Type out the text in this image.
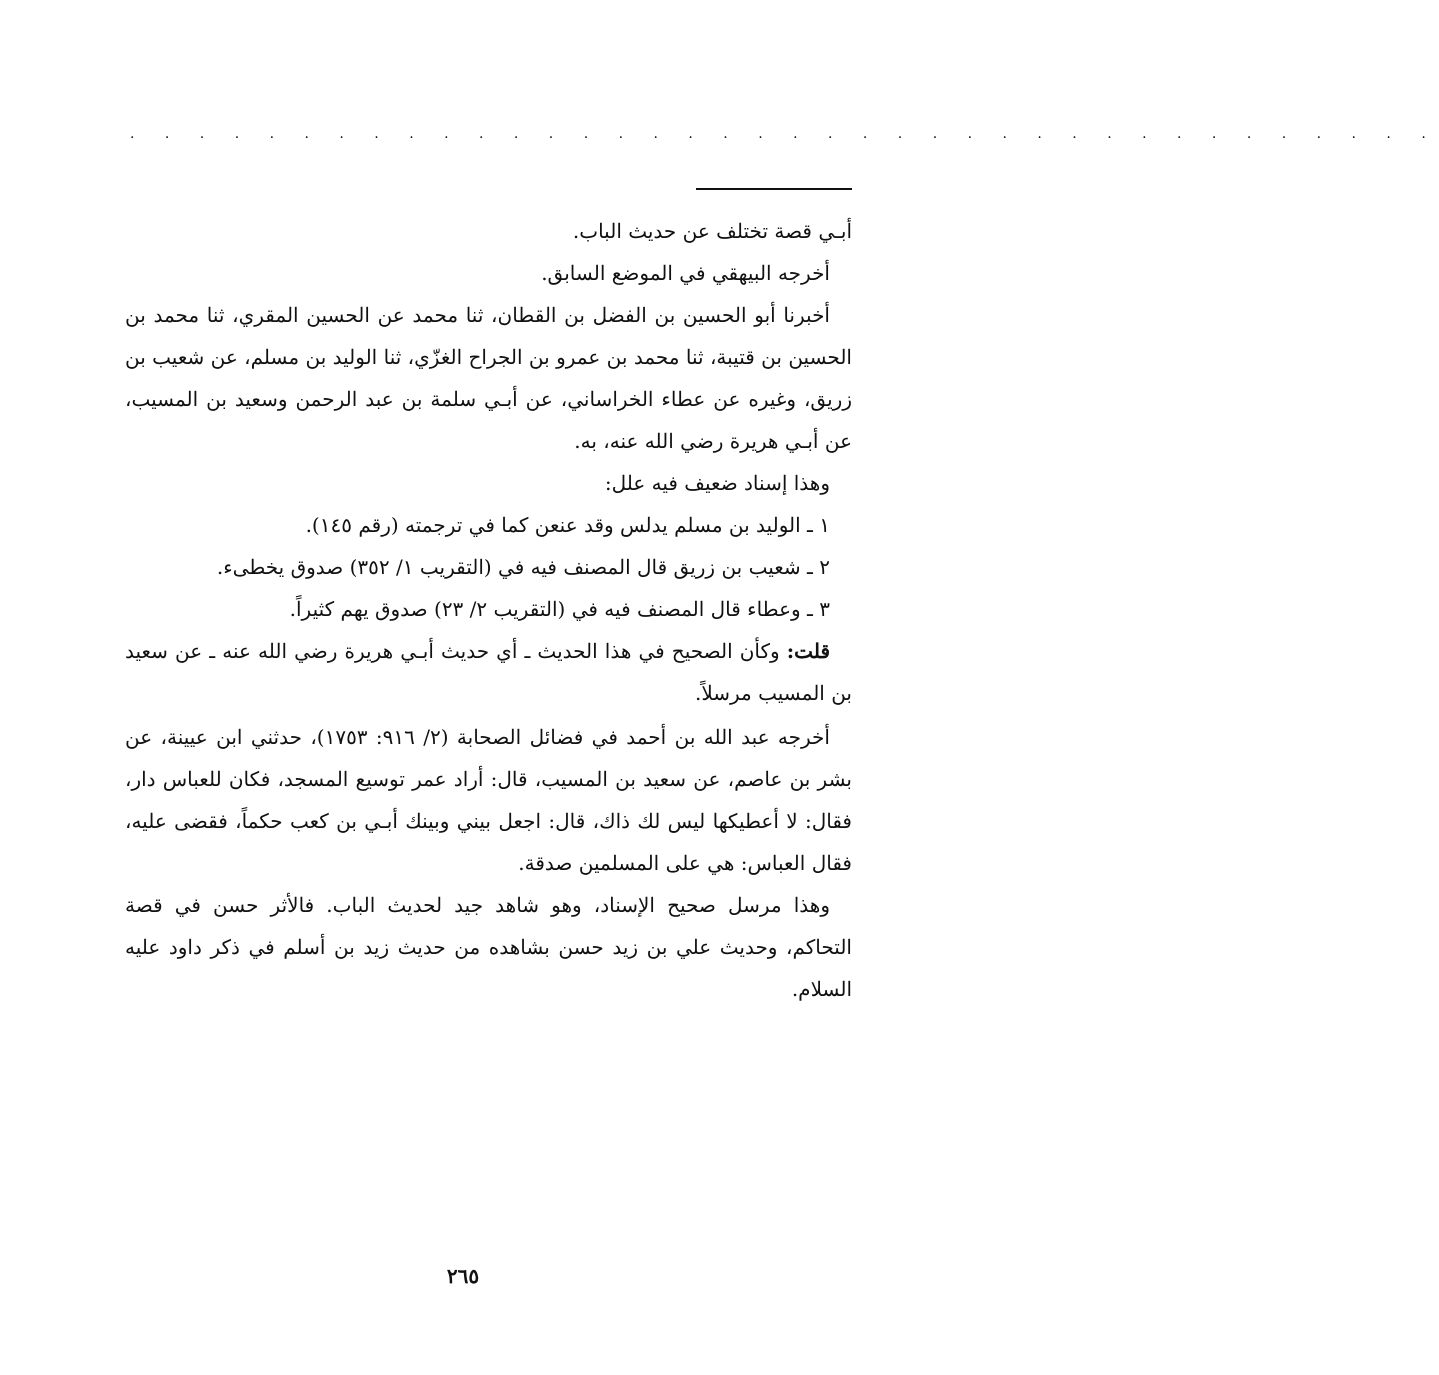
. . . . . . . . . . . . . . . . . . . . . . . . . . . . . . . . . . . . . .

أبـي قصة تختلف عن حديث الباب.

أخرجه البيهقي في الموضع السابق.

أخبرنا أبو الحسين بن الفضل بن القطان، ثنا محمد عن الحسين المقري، ثنا محمد بن الحسين بن قتيبة، ثنا محمد بن عمرو بن الجراح الغزّي، ثنا الوليد بن مسلم، عن شعيب بن زريق، وغيره عن عطاء الخراساني، عن أبـي سلمة بن عبد الرحمن وسعيد بن المسيب، عن أبـي هريرة رضي الله عنه، به.

وهذا إسناد ضعيف فيه علل:

١ ـ الوليد بن مسلم يدلس وقد عنعن كما في ترجمته (رقم ١٤٥).

٢ ـ شعيب بن زريق قال المصنف فيه في (التقريب ١/ ٣٥٢) صدوق يخطىء.

٣ ـ وعطاء قال المصنف فيه في (التقريب ٢/ ٢٣) صدوق يهم كثيراً.

قلت: وكأن الصحيح في هذا الحديث ـ أي حديث أبـي هريرة رضي الله عنه ـ عن سعيد بن المسيب مرسلاً.

أخرجه عبد الله بن أحمد في فضائل الصحابة (٢/ ٩١٦: ١٧٥٣)، حدثني ابن عيينة، عن بشر بن عاصم، عن سعيد بن المسيب، قال: أراد عمر توسيع المسجد، فكان للعباس دار، فقال: لا أعطيكها ليس لك ذاك، قال: اجعل بيني وبينك أبـي بن كعب حكماً، فقضى عليه، فقال العباس: هي على المسلمين صدقة.

وهذا مرسل صحيح الإسناد، وهو شاهد جيد لحديث الباب. فالأثر حسن في قصة التحاكم، وحديث علي بن زيد حسن بشاهده من حديث زيد بن أسلم في ذكر داود عليه السلام.

٢٦٥
